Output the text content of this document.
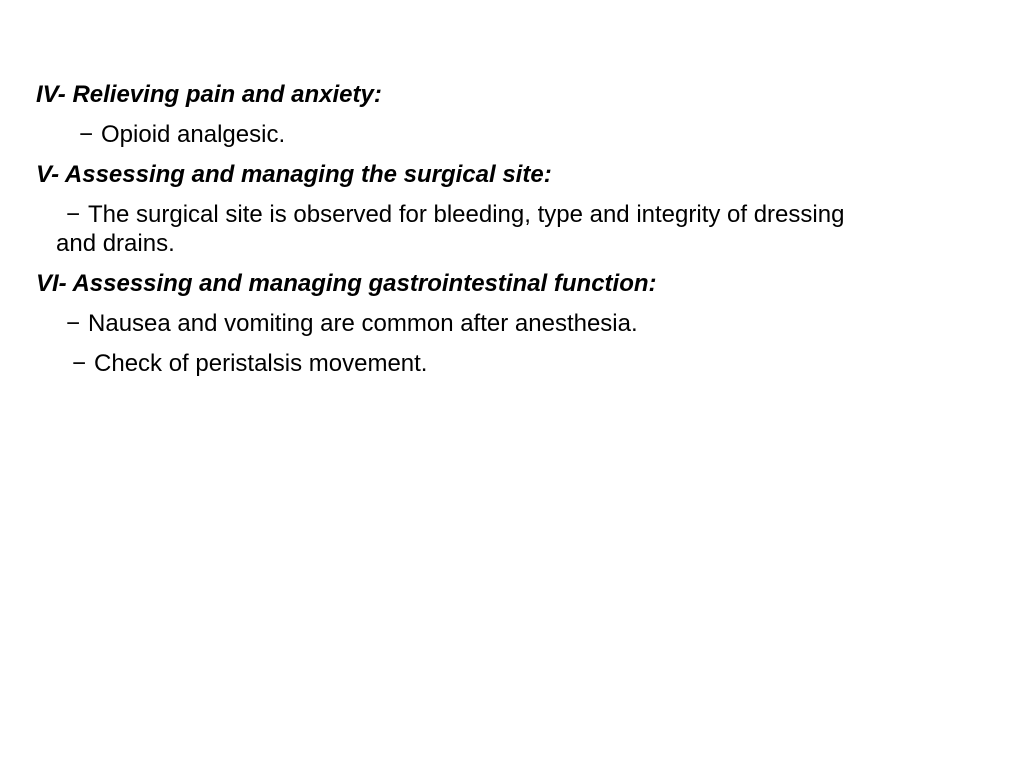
IV- Relieving pain and anxiety:
− Opioid analgesic.
V- Assessing and managing the surgical site:
− The surgical site is observed for bleeding, type and integrity of dressing
and drains.
VI- Assessing and managing gastrointestinal function:
− Nausea and vomiting are common after anesthesia.
− Check of peristalsis movement.
